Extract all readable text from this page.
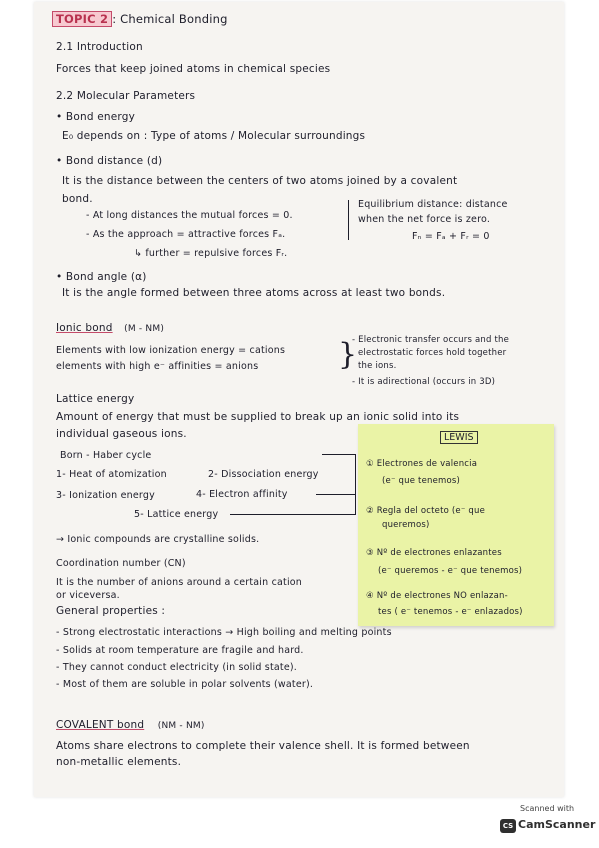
TOPIC 2 : Chemical Bonding
2.1 Introduction
Forces that keep joined atoms in chemical species
2.2 Molecular Parameters
• Bond energy
E₀ depends on : Type of atoms / Molecular surroundings
• Bond distance (d)
It is the distance between the centers of two atoms joined by a covalent
bond.
- At long distances the mutual forces = 0.
- As the approach = attractive forces Fₐ.
↳ further = repulsive forces Fᵣ.
Equilibrium distance: distance
when the net force is zero.
Fₙ = Fₐ + Fᵣ = 0
• Bond angle (α)
It is the angle formed between three atoms across at least two bonds.
Ionic bond (M - NM)
Elements with low ionization energy = cations
elements with high e⁻ affinities = anions	}
- Electronic transfer occurs and the
electrostatic forces hold together
the ions.
- It is adirectional (occurs in 3D)
Lattice energy
Amount of energy that must be supplied to break up an ionic solid into its
individual gaseous ions.
Born - Haber cycle
1- Heat of atomization	2- Dissociation energy
3- Ionization energy	4- Electron affinity
5- Lattice energy
→ Ionic compounds are crystalline solids.
Coordination number (CN)
It is the number of anions around a certain cation
or viceversa.
General properties :
- Strong electrostatic interactions → High boiling and melting points
- Solids at room temperature are fragile and hard.
- They cannot conduct electricity (in solid state).
- Most of them are soluble in polar solvents (water).
LEWIS
① Electrones de valencia
(e⁻ que tenemos)
② Regla del octeto (e⁻ que
queremos)
③ Nº de electrones enlazantes
(e⁻ queremos - e⁻ que tenemos)
④ Nº de electrones NO enlazan-
tes ( e⁻ tenemos - e⁻ enlazados)
COVALENT bond (NM - NM)
Atoms share electrons to complete their valence shell. It is formed between
non-metallic elements.
Scanned with
CS CamScanner
